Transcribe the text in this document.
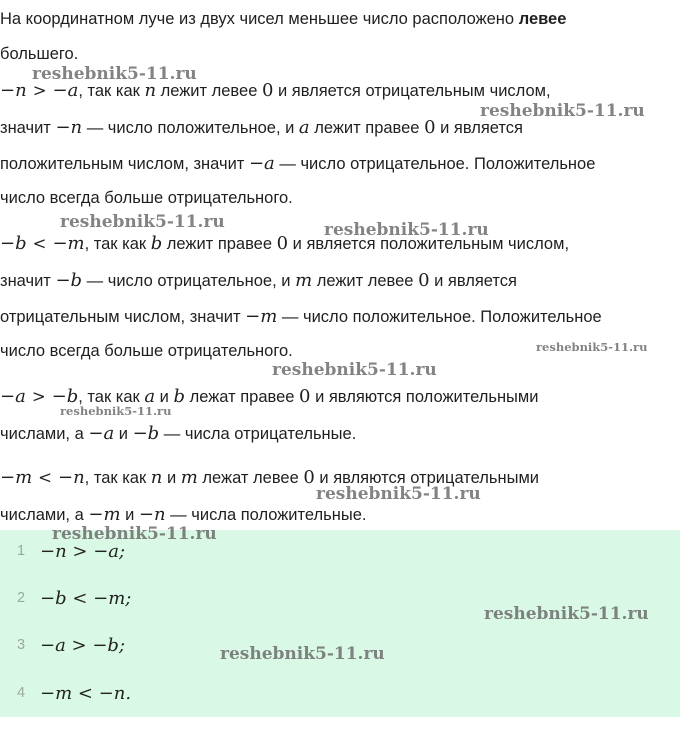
На координатном луче из двух чисел меньшее число расположено левее
большего.
−n > −a, так как n лежит левее 0 и является отрицательным числом,
значит −n — число положительное, и a лежит правее 0 и является
положительным числом, значит −a — число отрицательное. Положительное
число всегда больше отрицательного.
−b < −m, так как b лежит правее 0 и является положительным числом,
значит −b — число отрицательное, и m лежит левее 0 и является
отрицательным числом, значит −m — число положительное. Положительное
число всегда больше отрицательного.
−a > −b, так как a и b лежат правее 0 и являются положительными
числами, а −a и −b — числа отрицательные.
−m < −n, так как n и m лежат левее 0 и являются отрицательными
числами, а −m и −n — числа положительные.
1 −n > −a;
2 −b < −m;
3 −a > −b;
4 −m < −n.
reshebnik5-11.ru
reshebnik5-11.ru
reshebnik5-11.ru	reshebnik5-11.ru
reshebnik5-11.ru
reshebnik5-11.ru
reshebnik5-11.ru
reshebnik5-11.ru
reshebnik5-11.ru
reshebnik5-11.ru
reshebnik5-11.ru
